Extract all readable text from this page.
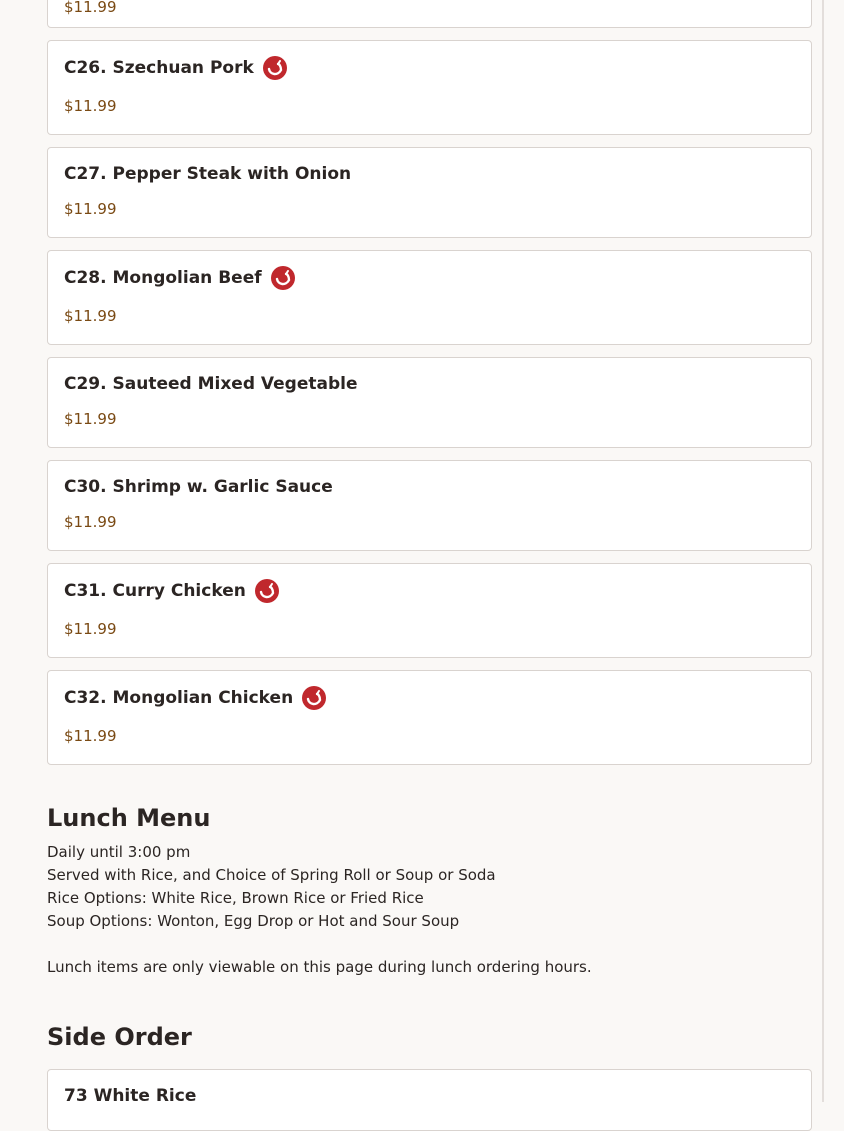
$11.99
C26. Szechuan Pork
$11.99
C27. Pepper Steak with Onion
$11.99
C28. Mongolian Beef
$11.99
C29. Sauteed Mixed Vegetable
$11.99
C30. Shrimp w. Garlic Sauce
$11.99
C31. Curry Chicken
$11.99
C32. Mongolian Chicken
$11.99
Lunch Menu
Daily until 3:00 pm
Served with Rice, and Choice of Spring Roll or Soup or Soda
Rice Options: White Rice, Brown Rice or Fried Rice
Soup Options: Wonton, Egg Drop or Hot and Sour Soup
Lunch items are only viewable on this page during lunch ordering hours.
Side Order
73 White Rice
